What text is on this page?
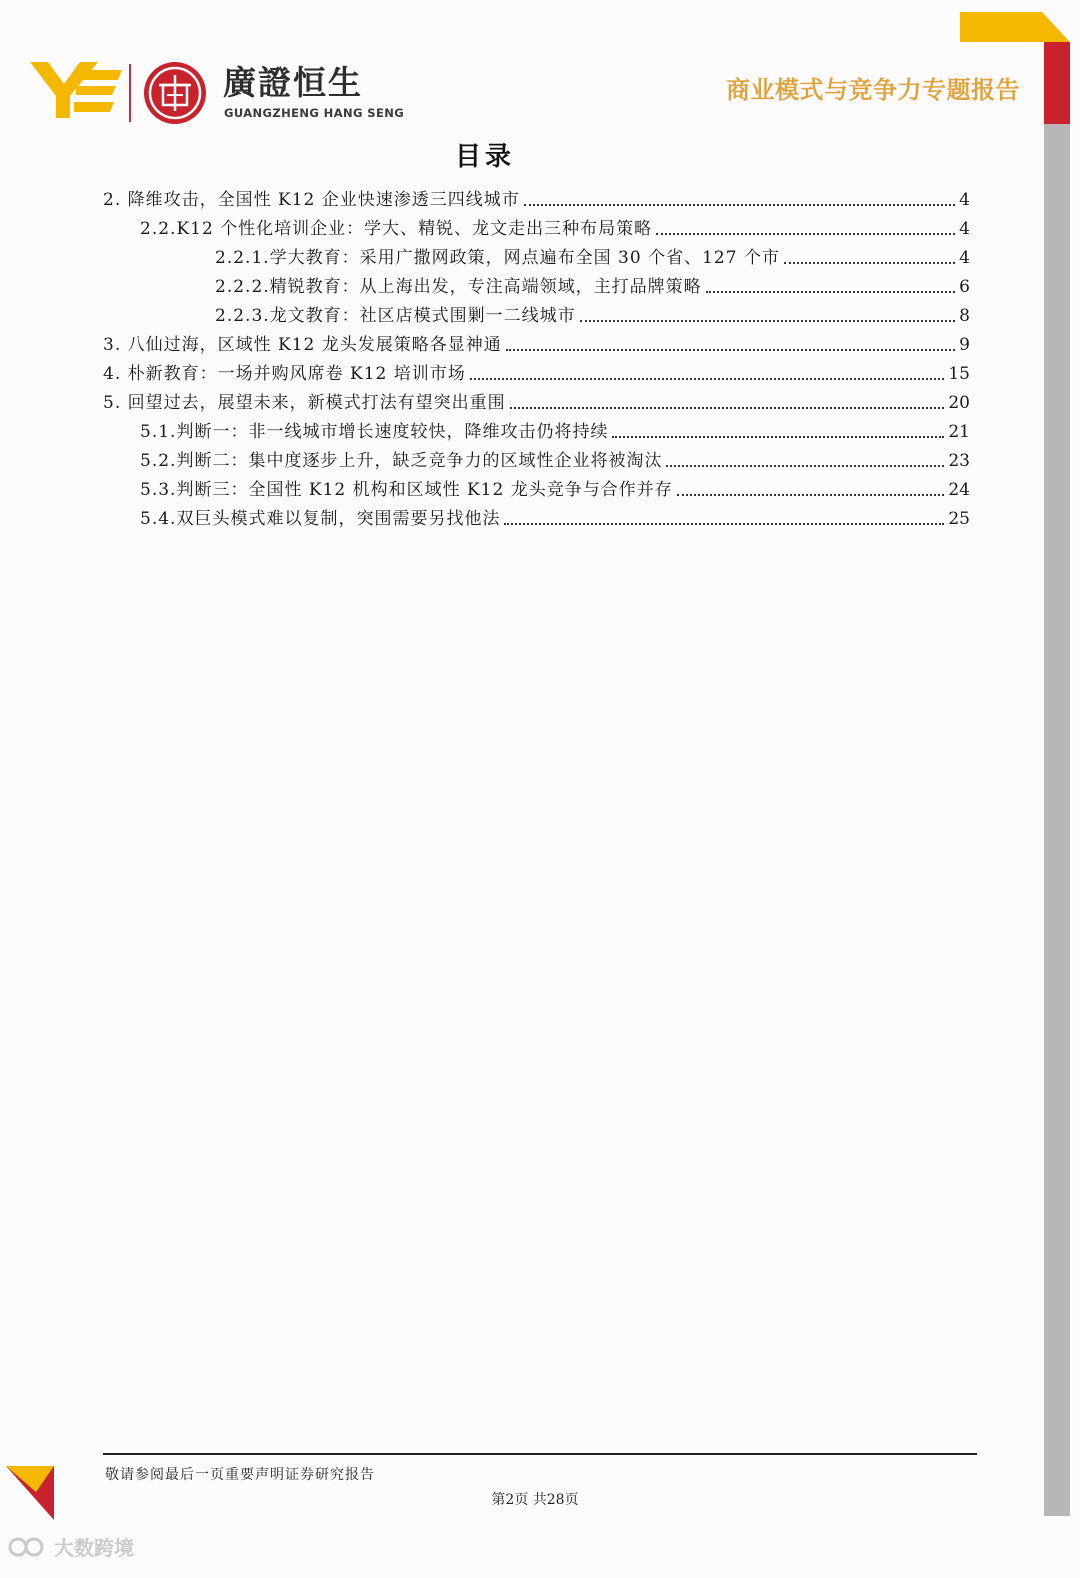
廣證恒生
GUANGZHENG HANG SENG
商业模式与竞争力专题报告
目录
2. 降维攻击，全国性 K12 企业快速渗透三四线城市	4
2.2.K12 个性化培训企业：学大、精锐、龙文走出三种布局策略	4
2.2.1.学大教育：采用广撒网政策，网点遍布全国 30 个省、127 个市	4
2.2.2.精锐教育：从上海出发，专注高端领域，主打品牌策略	6
2.2.3.龙文教育：社区店模式围剿一二线城市	8
3. 八仙过海，区域性 K12 龙头发展策略各显神通	9
4. 朴新教育：一场并购风席卷 K12 培训市场	15
5. 回望过去，展望未来，新模式打法有望突出重围	20
5.1.判断一：非一线城市增长速度较快，降维攻击仍将持续	21
5.2.判断二：集中度逐步上升，缺乏竞争力的区域性企业将被淘汰	23
5.3.判断三：全国性 K12 机构和区域性 K12 龙头竞争与合作并存	24
5.4.双巨头模式难以复制，突围需要另找他法	25
敬请参阅最后一页重要声明证券研究报告
第2页 共28页
大数跨境
